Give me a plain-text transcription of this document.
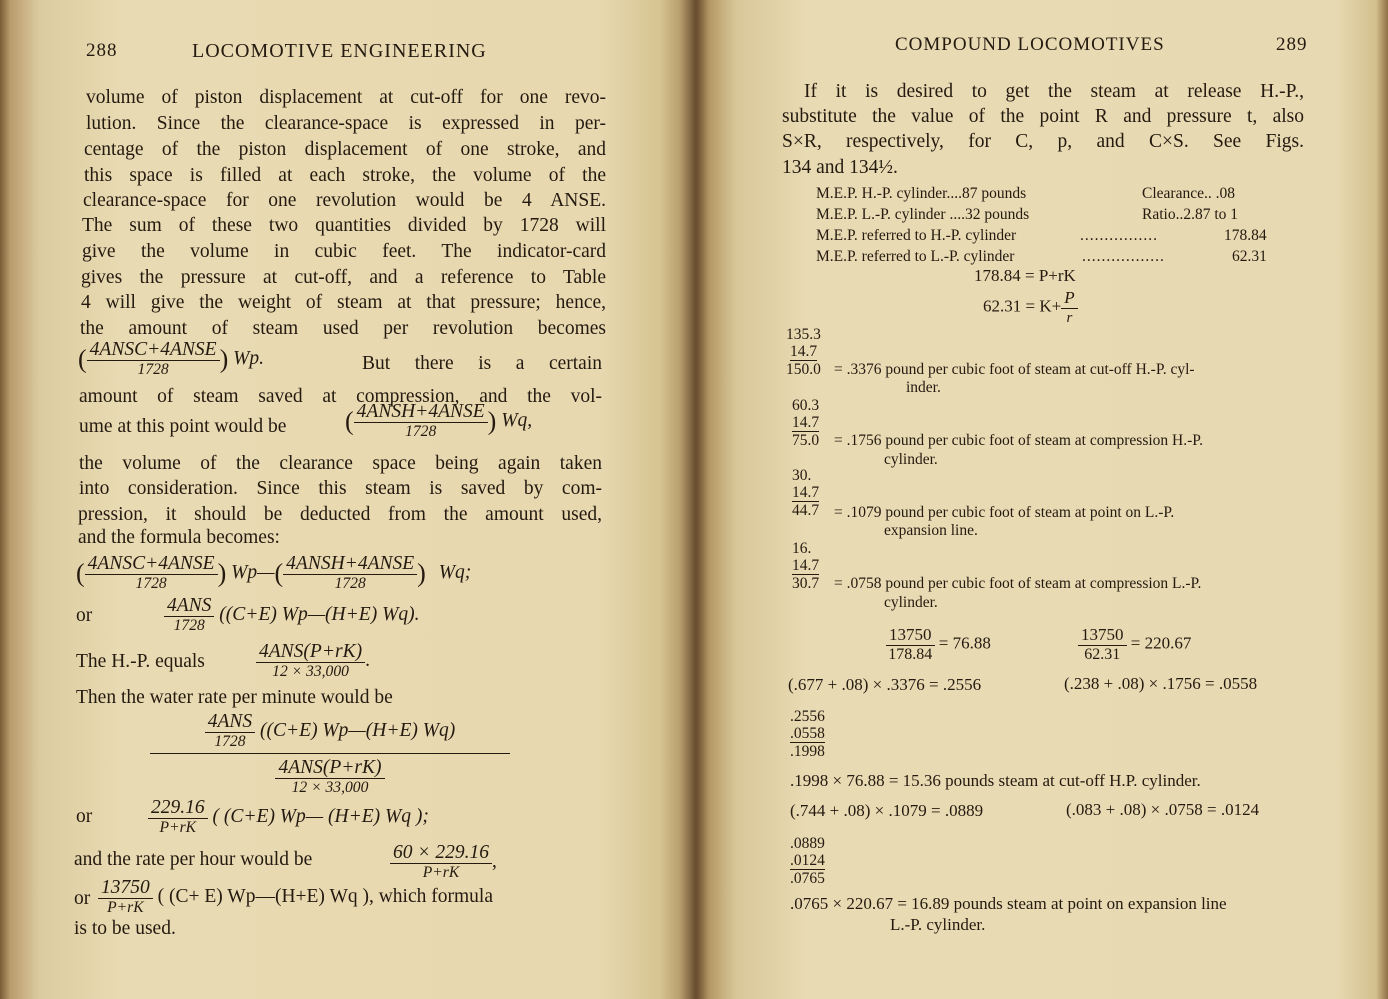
288	LOCOMOTIVE ENGINEERING
volume of piston displacement at cut-off for one revo-
lution. Since the clearance-space is expressed in per-
centage of the piston displacement of one stroke, and
this space is filled at each stroke, the volume of the
clearance-space for one revolution would be 4 ANSE.
The sum of these two quantities divided by 1728 will
give the volume in cubic feet. The indicator-card
gives the pressure at cut-off, and a reference to Table
4 will give the weight of steam at that pressure; hence,
the amount of steam used per revolution becomes
( $\frac{\text{4ANSC+4ANSE}}{1728}$ ) Wp.	But there is a certain
amount of steam saved at compression, and the vol-
ume at this point would be ( $\frac{\text{4ANSH+4ANSE}}{1728}$ ) Wq,
the volume of the clearance space being again taken
into consideration. Since this steam is saved by com-
pression, it should be deducted from the amount used,
and the formula becomes:
( $\frac{\text{4ANSC+4ANSE}}{1728}$ ) Wp—( $\frac{\text{4ANSH+4ANSE}}{1728}$ ) Wq;
or	$\frac{\text{4ANS}}{1728} ((C+E)$ Wp—(H+E) Wq).
The H.-P. equals	$\frac{\text{4ANS(P+rK)}}{12 \times 33,000}$ .
Then the water rate per minute would be
$\frac{\text{4ANS}}{1728} ((C+E)$ Wp—(H+E) Wq)
$\frac{\text{4ANS(P+rK)}}{12 \times 33,000}$
or	$\frac{229.16}{P+rK}$ ( (C+E) Wp— (H+E) Wq );
and the rate per hour would be	$\frac{60 \times 229.16}{P+rK}$ ,
or $\frac{13750}{P+rK}$ ( (C+ E) Wp—(H+E) Wq ), which formula
is to be used.
COMPOUND LOCOMOTIVES	289
If it is desired to get the steam at release H.-P.,
substitute the value of the point R and pressure t, also
S×R, respectively, for C, p, and C×S. See Figs.
134 and 134½.
M.E.P. H.-P. cylinder....87 pounds	Clearance.. .08
M.E.P. L.-P. cylinder ....32 pounds	Ratio..2.87 to 1
M.E.P. referred to H.-P. cylinder	................	178.84
M.E.P. referred to L.-P. cylinder	.................	62.31
178.84 = P+rK
$62.31 = K+ \frac{P}{r}$
135.3
14.7
150.0 = .3376 pound per cubic foot of steam at cut-off H.-P. cyl-
inder.
60.3
14.7
75.0 = .1756 pound per cubic foot of steam at compression H.-P.
cylinder.
30.
14.7
44.7 = .1079 pound per cubic foot of steam at point on L.-P.
expansion line.
16.
14.7
30.7 = .0758 pound per cubic foot of steam at compression L.-P.
cylinder.
$\frac{13750}{178.84} = 76.88$	$\frac{13750}{62.31} = 220.67$
(.677 + .08) × .3376 = .2556	(.238 + .08) × .1756 = .0558
.2556
.0558
.1998
.1998 × 76.88 = 15.36 pounds steam at cut-off H.P. cylinder.
(.744 + .08) × .1079 = .0889	(.083 + .08) × .0758 = .0124
.0889
.0124
.0765
.0765 × 220.67 = 16.89 pounds steam at point on expansion line
L.-P. cylinder.
